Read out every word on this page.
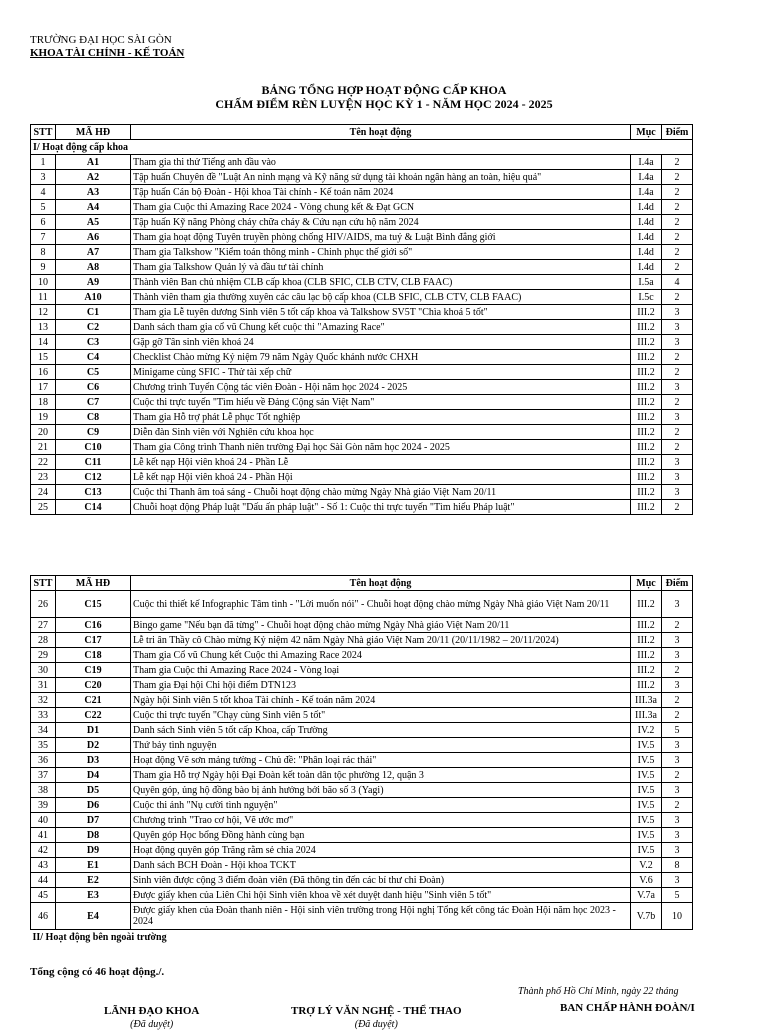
TRƯỜNG ĐẠI HỌC SÀI GÒN
KHOA TÀI CHÍNH - KẾ TOÁN
BẢNG TỔNG HỢP HOẠT ĐỘNG CẤP KHOA
CHẤM ĐIỂM RÈN LUYỆN HỌC KỲ 1 - NĂM HỌC 2024 - 2025
STT	MÃ HĐ	Tên hoạt động	Mục	Điểm
I/ Hoạt động cấp khoa				
1	A1	Tham gia thi thử Tiếng anh đầu vào	I.4a	2
3	A2	Tập huấn Chuyên đề "Luật An ninh mạng và Kỹ năng sử dụng tài khoản ngân hàng an toàn, hiệu quả"	I.4a	2
4	A3	Tập huấn Cán bộ Đoàn - Hội khoa Tài chính - Kế toán năm 2024	I.4a	2
5	A4	Tham gia Cuộc thi Amazing Race 2024 - Vòng chung kết & Đạt GCN	I.4d	2
6	A5	Tập huấn Kỹ năng Phòng cháy chữa cháy & Cứu nạn cứu hộ năm 2024	I.4d	2
7	A6	Tham gia hoạt động Tuyên truyền phòng chống HIV/AIDS, ma tuý & Luật Bình đẳng giới	I.4d	2
8	A7	Tham gia Talkshow "Kiểm toán thông minh - Chinh phục thế giới số"	I.4d	2
9	A8	Tham gia Talkshow Quản lý và đầu tư tài chính	I.4d	2
10	A9	Thành viên Ban chủ nhiệm CLB cấp khoa (CLB SFIC, CLB CTV, CLB FAAC)	I.5a	4
11	A10	Thành viên tham gia thường xuyên các câu lạc bộ cấp khoa (CLB SFIC, CLB CTV, CLB FAAC)	I.5c	2
12	C1	Tham gia Lễ tuyên dương Sinh viên 5 tốt cấp khoa và Talkshow SV5T "Chìa khoá 5 tốt"	III.2	3
13	C2	Danh sách tham gia cổ vũ Chung kết cuộc thi "Amazing Race"	III.2	3
14	C3	Gặp gỡ Tân sinh viên khoá 24	III.2	3
15	C4	Checklist Chào mừng Kỷ niệm 79 năm Ngày Quốc khánh nước CHXH	III.2	2
16	C5	Minigame cùng SFIC - Thử tài xếp chữ	III.2	2
17	C6	Chương trình Tuyển Cộng tác viên Đoàn - Hội năm học 2024 - 2025	III.2	3
18	C7	Cuộc thi trực tuyến "Tìm hiểu về Đảng Cộng sản Việt Nam"	III.2	2
19	C8	Tham gia Hỗ trợ phát Lễ phục Tốt nghiệp	III.2	3
20	C9	Diễn đàn Sinh viên với Nghiên cứu khoa học	III.2	2
21	C10	Tham gia Công trình Thanh niên trường Đại học Sài Gòn năm học 2024 - 2025	III.2	2
22	C11	Lễ kết nạp Hội viên khoá 24 - Phần Lễ	III.2	3
23	C12	Lễ kết nạp Hội viên khoá 24 - Phần Hội	III.2	3
24	C13	Cuộc thi Thanh âm toả sáng - Chuỗi hoạt động chào mừng Ngày Nhà giáo Việt Nam 20/11	III.2	3
25	C14	Chuỗi hoạt động Pháp luật "Dấu ấn pháp luật" - Số 1: Cuộc thi trực tuyến "Tìm hiểu Pháp luật"	III.2	2
STT	MÃ HĐ	Tên hoạt động	Mục	Điểm
26	C15	Cuộc thi thiết kế Infographic Tâm tình - "Lời muốn nói" - Chuỗi hoạt động chào mừng Ngày Nhà giáo Việt Nam 20/11	III.2	3
27	C16	Bingo game "Nếu bạn đã từng" - Chuỗi hoạt động chào mừng Ngày Nhà giáo Việt Nam 20/11	III.2	2
28	C17	Lễ tri ân Thầy cô Chào mừng Kỷ niệm 42 năm Ngày Nhà giáo Việt Nam 20/11 (20/11/1982 – 20/11/2024)	III.2	3
29	C18	Tham gia Cổ vũ Chung kết Cuộc thi Amazing Race 2024	III.2	3
30	C19	Tham gia Cuộc thi Amazing Race 2024 - Vòng loại	III.2	2
31	C20	Tham gia Đại hội Chi hội điểm DTN123	III.2	3
32	C21	Ngày hội Sinh viên 5 tốt khoa Tài chính - Kế toán năm 2024	III.3a	2
33	C22	Cuộc thi trực tuyến "Chạy cùng Sinh viên 5 tốt"	III.3a	2
34	D1	Danh sách Sinh viên 5 tốt cấp Khoa, cấp Trường	IV.2	5
35	D2	Thứ bảy tình nguyện	IV.5	3
36	D3	Hoạt động Vẽ sơn mảng tường - Chủ đề: "Phân loại rác thải"	IV.5	3
37	D4	Tham gia Hỗ trợ Ngày hội Đại Đoàn kết toàn dân tộc phường 12, quận 3	IV.5	2
38	D5	Quyên góp, ủng hộ đồng bào bị ảnh hưởng bởi bão số 3 (Yagi)	IV.5	3
39	D6	Cuộc thi ảnh "Nụ cười tình nguyện"	IV.5	2
40	D7	Chương trình "Trao cơ hội, Vẽ ước mơ"	IV.5	3
41	D8	Quyên góp Học bổng Đồng hành cùng bạn	IV.5	3
42	D9	Hoạt động quyên góp Trăng rằm sẻ chia 2024	IV.5	3
43	E1	Danh sách BCH Đoàn - Hội khoa TCKT	V.2	8
44	E2	Sinh viên được cộng 3 điểm đoàn viên (Đã thông tin đến các bí thư chi Đoàn)	V.6	3
45	E3	Được giấy khen của Liên Chi hội Sinh viên khoa về xét duyệt danh hiệu "Sinh viên 5 tốt"	V.7a	5
46	E4	Được giấy khen của Đoàn thanh niên - Hội sinh viên trường trong Hội nghị Tổng kết công tác Đoàn Hội năm học 2023 - 2024	V.7b	10
II/ Hoạt động bên ngoài trường				
Tổng cộng có 46 hoạt động./.
Thành phố Hồ Chí Minh, ngày 22 tháng
LÃNH ĐẠO KHOA
(Đã duyệt)
TRỢ LÝ VĂN NGHỆ - THỂ THAO
(Đã duyệt)
BAN CHẤP HÀNH ĐOÀN/I
